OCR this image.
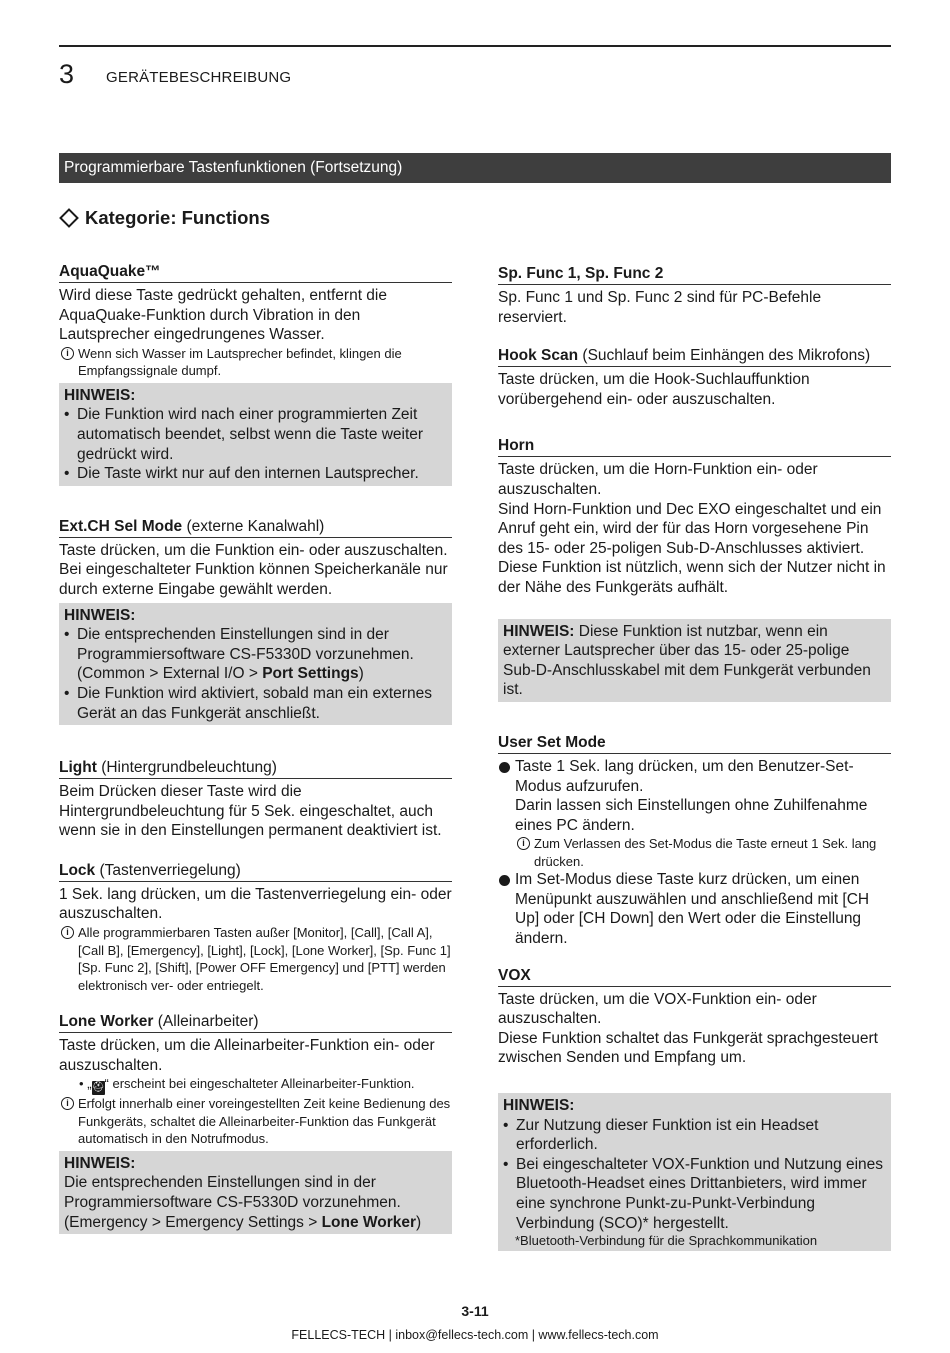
3 GERÄTEBESCHREIBUNG
Programmierbare Tastenfunktionen (Fortsetzung)
Kategorie: Functions
AquaQuake™

Wird diese Taste gedrückt gehalten, entfernt die AquaQuake-Funktion durch Vibration in den Lautsprecher eingedrungenes Wasser.

i Wenn sich Wasser im Lautsprecher befindet, klingen die Empfangssignale dumpf.
HINWEIS:
• Die Funktion wird nach einer programmierten Zeit automatisch beendet, selbst wenn die Taste weiter gedrückt wird.
• Die Taste wirkt nur auf den internen Lautsprecher.
Ext.CH Sel Mode (externe Kanalwahl)

Taste drücken, um die Funktion ein- oder auszuschalten. Bei eingeschalteter Funktion können Speicherkanäle nur durch externe Eingabe gewählt werden.

HINWEIS:
• Die entsprechenden Einstellungen sind in der Programmiersoftware CS-F5330D vorzunehmen. (Common > External I/O > Port Settings)
• Die Funktion wird aktiviert, sobald man ein externes Gerät an das Funkgerät anschließt.
Light (Hintergrundbeleuchtung)

Beim Drücken dieser Taste wird die Hintergrundbeleuchtung für 5 Sek. eingeschaltet, auch wenn sie in den Einstellungen permanent deaktiviert ist.

Lock (Tastenverriegelung)

1 Sek. lang drücken, um die Tastenverriegelung ein- oder auszuschalten.

i Alle programmierbaren Tasten außer [Monitor], [Call], [Call A], [Call B], [Emergency], [Light], [Lock], [Lone Worker], [Sp. Func 1] [Sp. Func 2], [Shift], [Power OFF Emergency] und [PTT] werden elektronisch ver- oder entriegelt.
Lone Worker (Alleinarbeiter)

Taste drücken, um die Alleinarbeiter-Funktion ein- oder auszuschalten.

• „⛑“ erscheint bei eingeschalteter Alleinarbeiter-Funktion.
i Erfolgt innerhalb einer voreingestellten Zeit keine Bedienung des Funkgeräts, schaltet die Alleinarbeiter-Funktion das Funkgerät automatisch in den Notrufmodus.
HINWEIS:

Die entsprechenden Einstellungen sind in der Programmiersoftware CS-F5330D vorzunehmen. (Emergency > Emergency Settings > Lone Worker)

Sp. Func 1, Sp. Func 2

Sp. Func 1 und Sp. Func 2 sind für PC-Befehle reserviert.

Hook Scan (Suchlauf beim Einhängen des Mikrofons)

Taste drücken, um die Hook-Suchlauffunktion vorübergehend ein- oder auszuschalten.

Horn

Taste drücken, um die Horn-Funktion ein- oder auszuschalten.

Sind Horn-Funktion und Dec EXO eingeschaltet und ein Anruf geht ein, wird der für das Horn vorgesehene Pin des 15- oder 25-poligen Sub-D-Anschlusses aktiviert.

Diese Funktion ist nützlich, wenn sich der Nutzer nicht in der Nähe des Funkgeräts aufhält.

HINWEIS: Diese Funktion ist nutzbar, wenn ein externer Lautsprecher über das 15- oder 25-polige Sub-D-Anschlusskabel mit dem Funkgerät verbunden ist.

User Set Mode
Taste 1 Sek. lang drücken, um den Benutzer-Set-Modus aufzurufen.
Darin lassen sich Einstellungen ohne Zuhilfenahme eines PC ändern.
i Zum Verlassen des Set-Modus die Taste erneut 1 Sek. lang drücken.
Im Set-Modus diese Taste kurz drücken, um einen Menüpunkt auszuwählen und anschließend mit [CH Up] oder [CH Down] den Wert oder die Einstellung ändern.
VOX

Taste drücken, um die VOX-Funktion ein- oder auszuschalten.

Diese Funktion schaltet das Funkgerät sprachgesteuert zwischen Senden und Empfang um.

HINWEIS:
• Zur Nutzung dieser Funktion ist ein Headset erforderlich.
• Bei eingeschalteter VOX-Funktion und Nutzung eines Bluetooth-Headset eines Drittanbieters, wird immer eine synchrone Punkt-zu-Punkt-Verbindung Verbindung (SCO)* hergestellt.
*Bluetooth-Verbindung für die Sprachkommunikation
3-11
FELLECS-TECH | inbox@fellecs-tech.com | www.fellecs-tech.com
